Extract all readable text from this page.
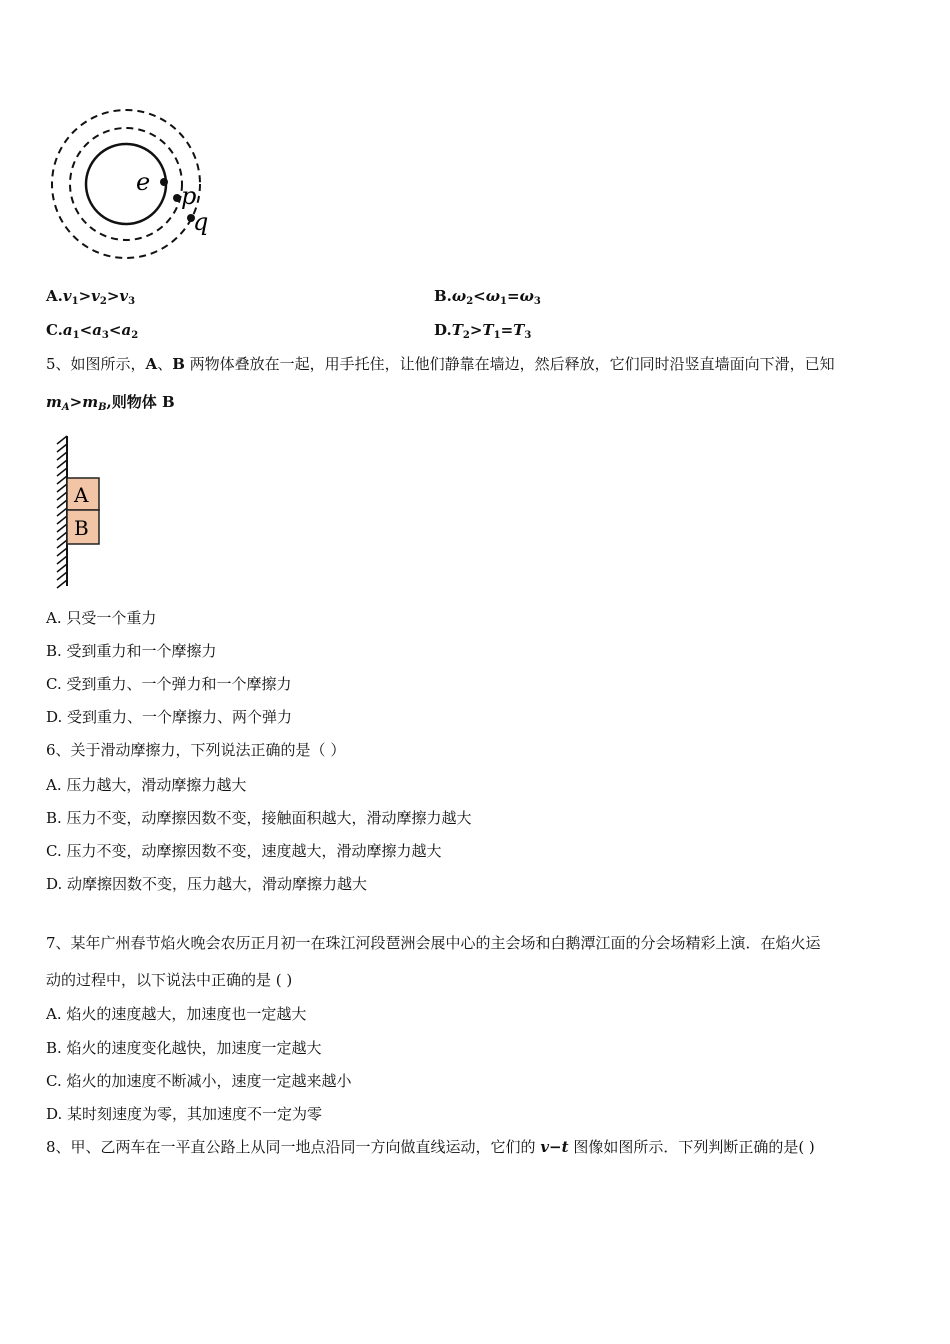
e p
q
$A.v_1>v_2>v_3$	$B.\omega_2<\omega_1=\omega_3$
$C.a_1<a_3<a_2$	$D.T_2>T_1=T_3$
5、如图所示，A、B 两物体叠放在一起，用手托住，让他们静靠在墙边，然后释放，它们同时沿竖直墙面向下滑，已知
$m_A>m_B$,则物体 B
A
B
A. 只受一个重力
B. 受到重力和一个摩擦力
C. 受到重力、一个弹力和一个摩擦力
D. 受到重力、一个摩擦力、两个弹力
6、关于滑动摩擦力，下列说法正确的是（ ）
A. 压力越大，滑动摩擦力越大
B. 压力不变，动摩擦因数不变，接触面积越大，滑动摩擦力越大
C. 压力不变，动摩擦因数不变，速度越大，滑动摩擦力越大
D. 动摩擦因数不变，压力越大，滑动摩擦力越大
7、某年广州春节焰火晚会农历正月初一在珠江河段琶洲会展中心的主会场和白鹅潭江面的分会场精彩上演．在焰火运
动的过程中，以下说法中正确的是 ( )
A. 焰火的速度越大，加速度也一定越大
B. 焰火的速度变化越快，加速度一定越大
C. 焰火的加速度不断减小，速度一定越来越小
D. 某时刻速度为零，其加速度不一定为零
8、甲、乙两车在一平直公路上从同一地点沿同一方向做直线运动，它们的 v−t 图像如图所示．下列判断正确的是( )
